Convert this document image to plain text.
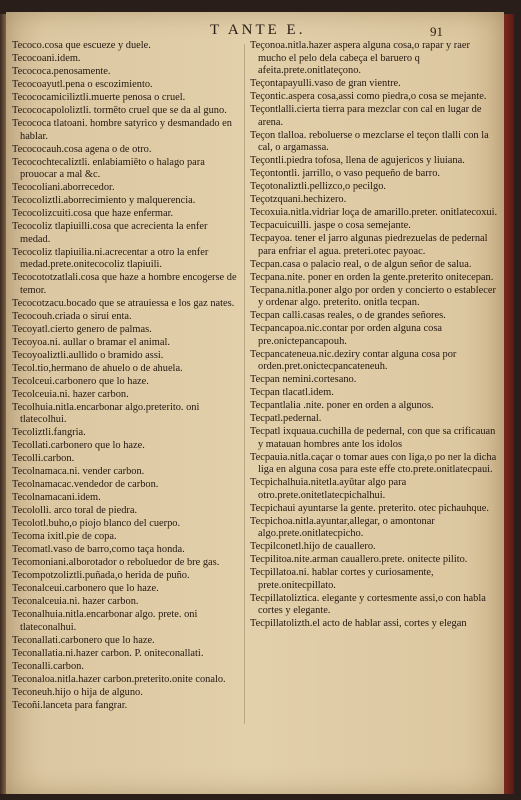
T ANTE E.	91
Tecoco.cosa que escueze y duele.
Tecocoani.idem.
Tecococa.penosamente.
Tecocoayutl.pena o escozimiento.
Tecococamiciliztli.muerte penosa o cruel.
Tecococapololiztli. tormēto cruel que se da al guno.
Tecococa tlatoani. hombre satyrico y desmandado en hablar.
Tecococauh.cosa agena o de otro.
Tecocochtecaliztli. enlabiamiēto o halago para prouocar a mal &c.
Tecocoliani.aborrecedor.
Tecocoliztli.aborrecimiento y malquerencia.
Tecocolizcuiti.cosa que haze enfermar.
Tecocoliz tlapiuilli.cosa que acrecienta la enfer medad.
Tecocoliz tlapiuilia.ni.acrecentar a otro la enfer medad.prete.onitecocoliz tlapiuili.
Tecocototzatlali.cosa que haze a hombre encogerse de temor.
Tecocotzacu.bocado que se atrauiessa e los gaz nates.
Tecocouh.criada o sirui enta.
Tecoyatl.cierto genero de palmas.
Tecoyoa.ni. aullar o bramar el animal.
Tecoyoaliztli.aullido o bramido assi.
Tecol.tio,hermano de ahuelo o de ahuela.
Tecolceui.carbonero que lo haze.
Tecolceuia.ni. hazer carbon.
Tecolhuia.nitla.encarbonar algo.preterito. oni tlatecolhui.
Tecoliztli.fangria.
Tecollati.carbonero que lo haze.
Tecolli.carbon.
Tecolnamaca.ni. vender carbon.
Tecolnamacac.vendedor de carbon.
Tecolnamacani.idem.
Tecololli. arco toral de piedra.
Tecolotl.buho,o piojo blanco del cuerpo.
Tecoma ixitl.pie de copa.
Tecomatl.vaso de barro,como taça honda.
Tecomoniani.alborotador o reboluedor de bre gas.
Tecompotzoliztli.puñada,o herida de puño.
Teconalceui.carbonero que lo haze.
Teconalceuia.ni. hazer carbon.
Teconalhuia.nitla.encarbonar algo. prete. oni tlateconalhui.
Teconallati.carbonero que lo haze.
Teconallatia.ni.hazer carbon. P. oniteconallati.
Teconalli.carbon.
Teconaloa.nitla.hazer carbon.preterito.onite conalo.
Teconeuh.hijo o hija de alguno.
Tecoñi.lanceta para fangrar.
Teçonoa.nitla.hazer aspera alguna cosa,o rapar y raer mucho el pelo dela cabeça el baruero q afeita.prete.onitlateçono.
Teçontapayulli.vaso de gran vientre.
Teçontic.aspera cosa,assi como piedra,o cosa se mejante.
Teçontlalli.cierta tierra para mezclar con cal en lugar de arena.
Teçon tlalloa. reboluerse o mezclarse el teçon tlalli con la cal, o argamassa.
Teçontli.piedra tofosa, llena de agujericos y liuiana.
Teçontontli. jarrillo, o vaso pequeño de barro.
Teçotonaliztli.pellizco,o pecilgo.
Teçotzquani.hechizero.
Tecoxuia.nitla.vidriar loça de amarillo.preter. onitlatecoxui.
Tecpacuicuilli. jaspe o cosa semejante.
Tecpayoa. tener el jarro algunas piedrezuelas de pedernal para enfriar el agua. preteri.otec payoac.
Tecpan.casa o palacio real, o de algun señor de salua.
Tecpana.nite. poner en orden la gente.preterito onitecepan.
Tecpana.nitla.poner algo por orden y concierto o establecer y ordenar algo. preterito. onitla tecpan.
Tecpan calli.casas reales, o de grandes señores.
Tecpancapoa.nic.contar por orden alguna cosa pre.onictepancapouh.
Tecpancateneua.nic.deziry contar alguna cosa por orden.pret.onictecpancateneuh.
Tecpan nemini.cortesano.
Tecpan tlacatl.idem.
Tecpantlalia .nite. poner en orden a algunos.
Tecpatl.pedernal.
Tecpatl ixquaua.cuchilla de pedernal, con que sa crificauan y matauan hombres ante los idolos
Tecpauia.nitla.caçar o tomar aues con liga,o po ner la dicha liga en alguna cosa para este effe cto.prete.onitlatecpaui.
Tecpichalhuia.nitetla.ayūtar algo para otro.prete.onitetlatecpichalhui.
Tecpichaui ayuntarse la gente. preterito. otec pichauhque.
Tecpichoa.nitla.ayuntar,allegar, o amontonar algo.prete.onitlatecpicho.
Tecpilconetl.hijo de cauallero.
Tecpilitoa.nite.arman cauallero.prete. onitecte pilito.
Tecpillatoa.ni. hablar cortes y curiosamente, prete.onitecpillato.
Tecpillatoliztica. elegante y cortesmente assi,o con habla cortes y elegante.
Tecpillatolizth.el acto de hablar assi, cortes y elegan
